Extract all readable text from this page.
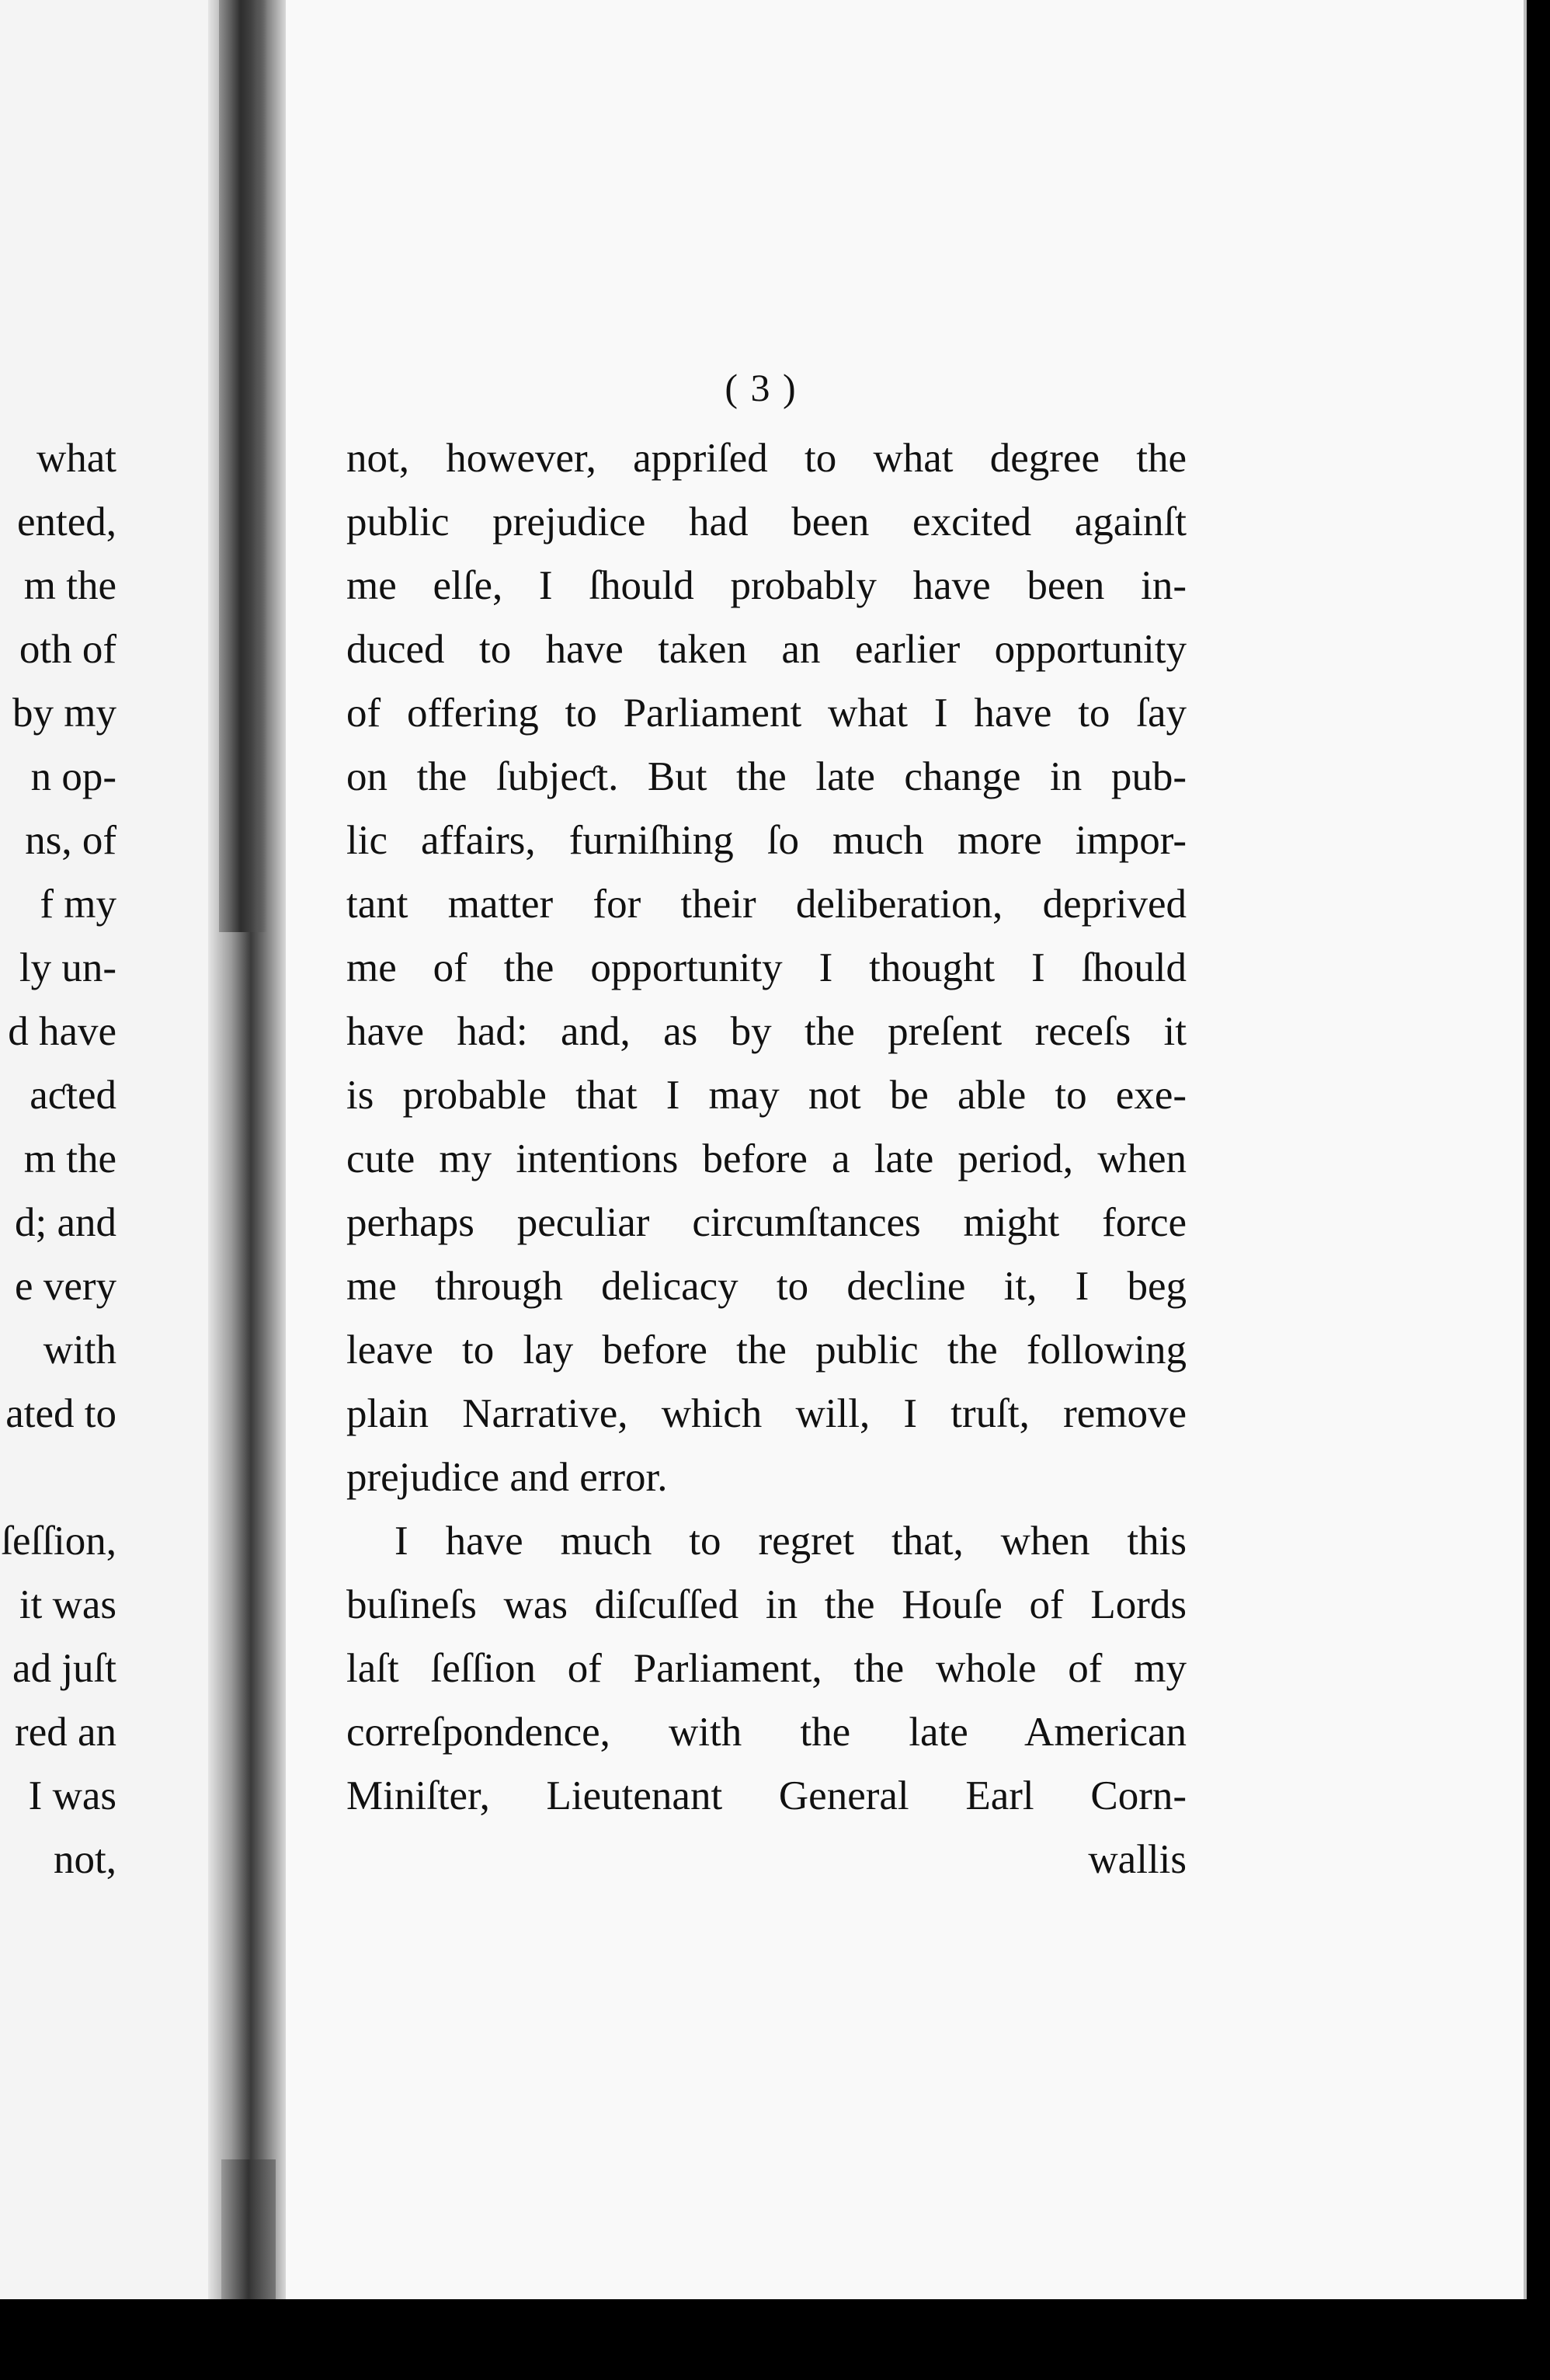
( 3 )
what
ented,
m the
oth of
by my
n op-
ns, of
f my
ly un-
d have
aƈted
m the
d; and
e very
with
ated to
ſeſſion,
it was
ad juſt
red an
I was
not,
not, however, appriſed to what degree the
public prejudice had been excited againſt
me elſe, I ſhould probably have been in-
duced to have taken an earlier opportunity
of offering to Parliament what I have to ſay
on the ſubjeƈt. But the late change in pub-
lic affairs, furniſhing ſo much more impor-
tant matter for their deliberation, deprived
me of the opportunity I thought I ſhould
have had: and, as by the preſent receſs it
is probable that I may not be able to exe-
cute my intentions before a late period, when
perhaps peculiar circumſtances might force
me through delicacy to decline it, I beg
leave to lay before the public the following
plain Narrative, which will, I truſt, remove
prejudice and error.
I have much to regret that, when this
buſineſs was diſcuſſed in the Houſe of Lords
laſt ſeſſion of Parliament, the whole of my
correſpondence, with the late American
Miniſter, Lieutenant General Earl Corn-
wallis
